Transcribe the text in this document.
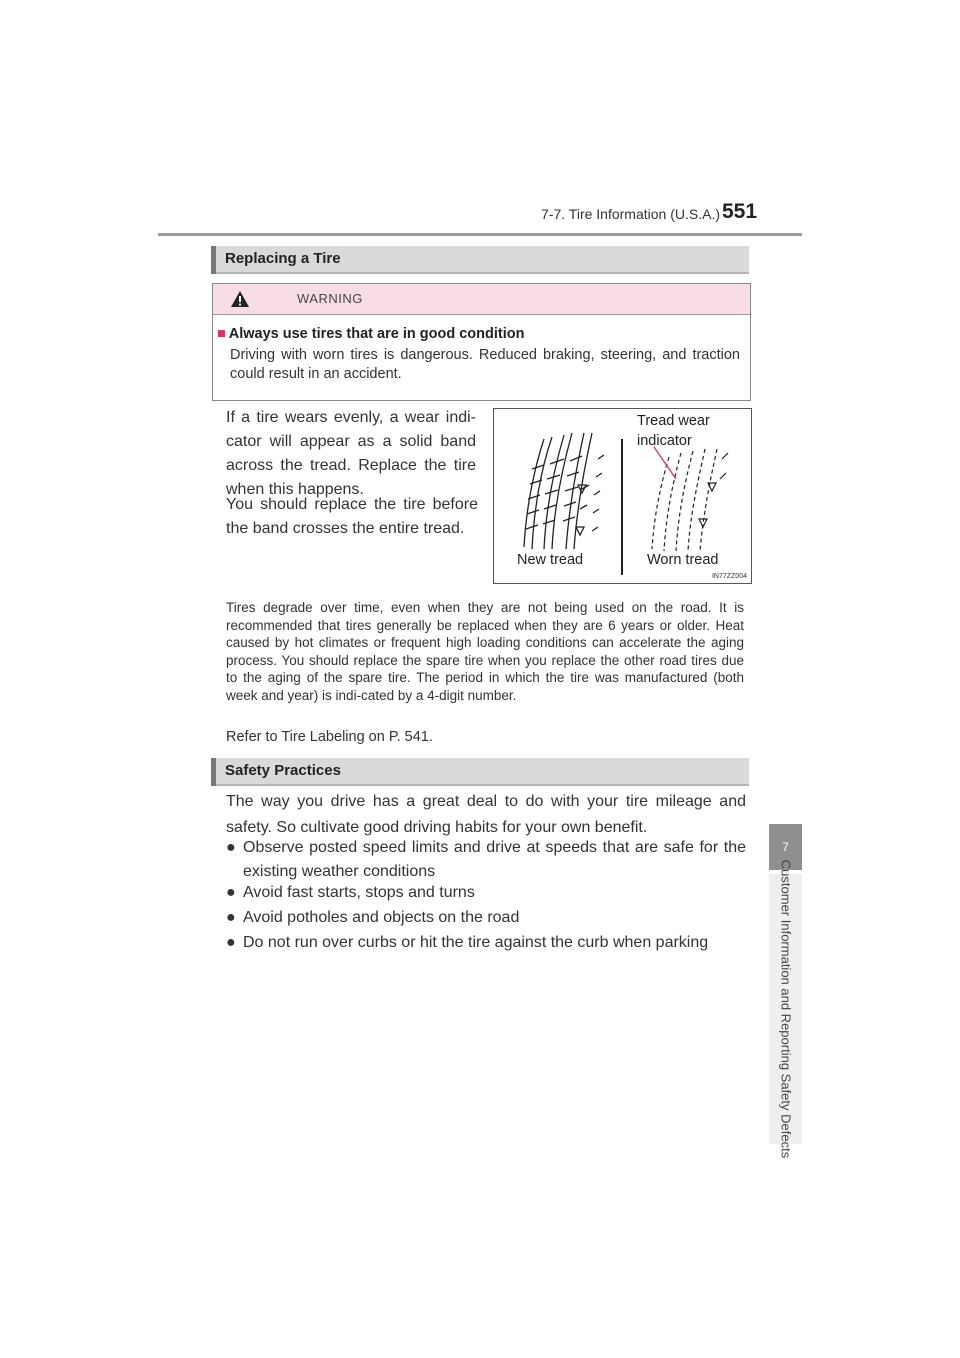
7-7. Tire Information (U.S.A.) 551
7
Customer Information and Reporting Safety Defects
Replacing a Tire
WARNING
■ Always use tires that are in good condition
Driving with worn tires is dangerous. Reduced braking, steering, and traction could result in an accident.
If a tire wears evenly, a wear indi-cator will appear as a solid band across the tread. Replace the tire when this happens.
You should replace the tire before the band crosses the entire tread.
Tread wear indicator
New tread	Worn tread
IN77ZZ004
Tires degrade over time, even when they are not being used on the road. It is recommended that tires generally be replaced when they are 6 years or older. Heat caused by hot climates or frequent high loading conditions can accelerate the aging process. You should replace the spare tire when you replace the other road tires due to the aging of the spare tire. The period in which the tire was manufactured (both week and year) is indi-cated by a 4-digit number.
Refer to Tire Labeling on P. 541.
Safety Practices
The way you drive has a great deal to do with your tire mileage and safety. So cultivate good driving habits for your own benefit.
● Observe posted speed limits and drive at speeds that are safe for the existing weather conditions
● Avoid fast starts, stops and turns
● Avoid potholes and objects on the road
● Do not run over curbs or hit the tire against the curb when parking
